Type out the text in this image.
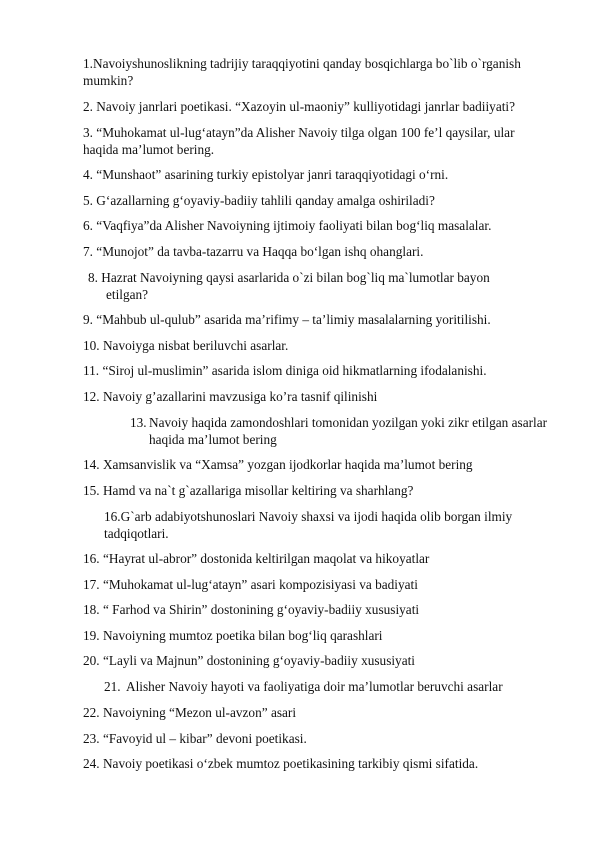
1.Navoiyshunoslikning tadrijiy taraqqiyotini qanday bosqichlarga bo`lib o`rganish
mumkin?
2. Navoiy janrlari poetikasi. “Xazoyin ul-maoniy” kulliyotidagi janrlar badiiyati?
3. “Muhokamat ul-lug‘atayn”da Alisher Navoiy tilga olgan 100 fe’l qaysilar, ular
haqida ma’lumot bering.
4. “Munshaot” asarining turkiy epistolyar janri taraqqiyotidagi o‘rni.
5. G‘azallarning g‘oyaviy-badiiy tahlili qanday amalga oshiriladi?
6. “Vaqfiya”da Alisher Navoiyning ijtimoiy faoliyati bilan bog‘liq masalalar.
7. “Munojot” da tavba-tazarru va Haqqa bo‘lgan ishq ohanglari.
8. Hazrat Navoiyning qaysi asarlarida o`zi bilan bog`liq ma`lumotlar bayon
etilgan?
9. “Mahbub ul-qulub” asarida ma’rifimy – ta’limiy masalalarning yoritilishi.
10. Navoiyga nisbat beriluvchi asarlar.
11. “Siroj ul-muslimin” asarida islom diniga oid hikmatlarning ifodalanishi.
12. Navoiy g’azallarini mavzusiga ko’ra tasnif qilinishi
13. Navoiy haqida zamondoshlari tomonidan yozilgan yoki zikr etilgan asarlar
haqida ma’lumot bering
14. Xamsanvislik va “Xamsa” yozgan ijodkorlar haqida ma’lumot bering
15. Hamd va na`t g`azallariga misollar keltiring va sharhlang?
16.G`arb adabiyotshunoslari Navoiy shaxsi va ijodi haqida olib borgan ilmiy
tadqiqotlari.
16. “Hayrat ul-abror” dostonida keltirilgan maqolat va hikoyatlar
17. “Muhokamat ul-lug‘atayn” asari kompozisiyasi va badiyati
18. “ Farhod va Shirin” dostonining g‘oyaviy-badiiy xususiyati
19. Navoiyning mumtoz poetika bilan bog‘liq qarashlari
20. “Layli va Majnun” dostonining g‘oyaviy-badiiy xususiyati
21. Alisher Navoiy hayoti va faoliyatiga doir ma’lumotlar beruvchi asarlar
22. Navoiyning “Mezon ul-avzon” asari
23. “Favoyid ul – kibar” devoni poetikasi.
24. Navoiy poetikasi o‘zbek mumtoz poetikasining tarkibiy qismi sifatida.
